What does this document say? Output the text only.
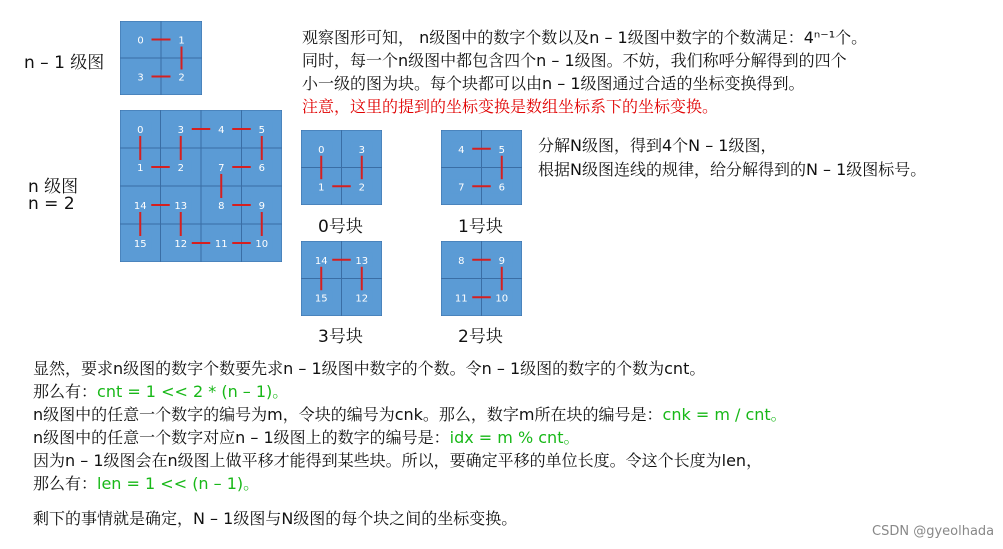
n – 1 级图
n 级图
n = 2
0	1
3	2
0	3	4	5
1	2	7	6
14	13	8	9
15	12	11	10
0	3
1	2
4	5
7	6
14	13
15	12
8	9
11	10
0号块	1号块
3号块	2号块
观察图形可知， n级图中的数字个数以及n – 1级图中数字的个数满足：4ⁿ⁻¹个。
同时，每一个n级图中都包含四个n – 1级图。不妨，我们称呼分解得到的四个
小一级的图为块。每个块都可以由n – 1级图通过合适的坐标变换得到。
注意，这里的提到的坐标变换是数组坐标系下的坐标变换。
分解N级图，得到4个N – 1级图，
根据N级图连线的规律，给分解得到的N – 1级图标号。
显然，要求n级图的数字个数要先求n – 1级图中数字的个数。令n – 1级图的数字的个数为cnt。
那么有：cnt = 1 << 2 * (n – 1)。
n级图中的任意一个数字的编号为m，令块的编号为cnk。那么，数字m所在块的编号是：cnk = m / cnt。
n级图中的任意一个数字对应n – 1级图上的数字的编号是：idx = m % cnt。
因为n – 1级图会在n级图上做平移才能得到某些块。所以，要确定平移的单位长度。令这个长度为len，
那么有：len = 1 << (n – 1)。
剩下的事情就是确定，N – 1级图与N级图的每个块之间的坐标变换。
CSDN @gyeolhada
